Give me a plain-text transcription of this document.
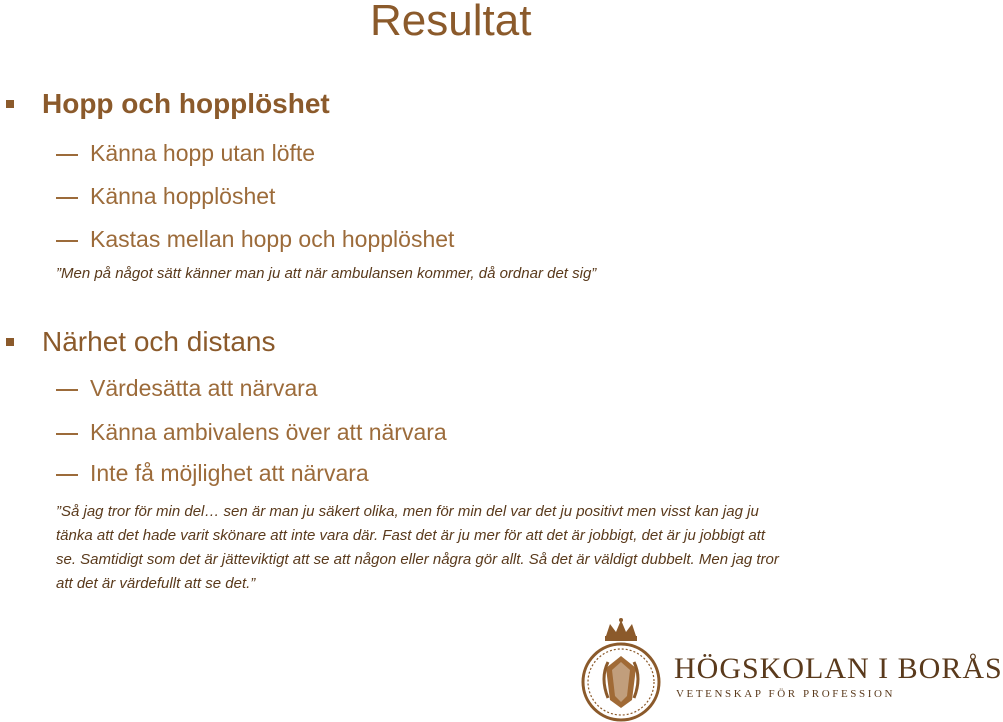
Resultat
Hopp och hopplöshet
Känna hopp utan löfte
Känna hopplöshet
Kastas mellan hopp och hopplöshet
”Men på något sätt känner man ju att när ambulansen kommer, då ordnar det sig”
Närhet och distans
Värdesätta att närvara
Känna ambivalens över att närvara
Inte få möjlighet att närvara
”Så jag tror för min del… sen är man ju säkert olika, men för min del var det ju positivt men visst kan jag ju
tänka att det hade varit skönare att inte vara där. Fast det är ju mer för att det är jobbigt, det är ju jobbigt att
se. Samtidigt som det är jätteviktigt att se att någon eller några gör allt. Så det är väldigt dubbelt. Men jag tror
att det är värdefullt att se det.”
HÖGSKOLAN I BORÅS
VETENSKAP FÖR PROFESSION
